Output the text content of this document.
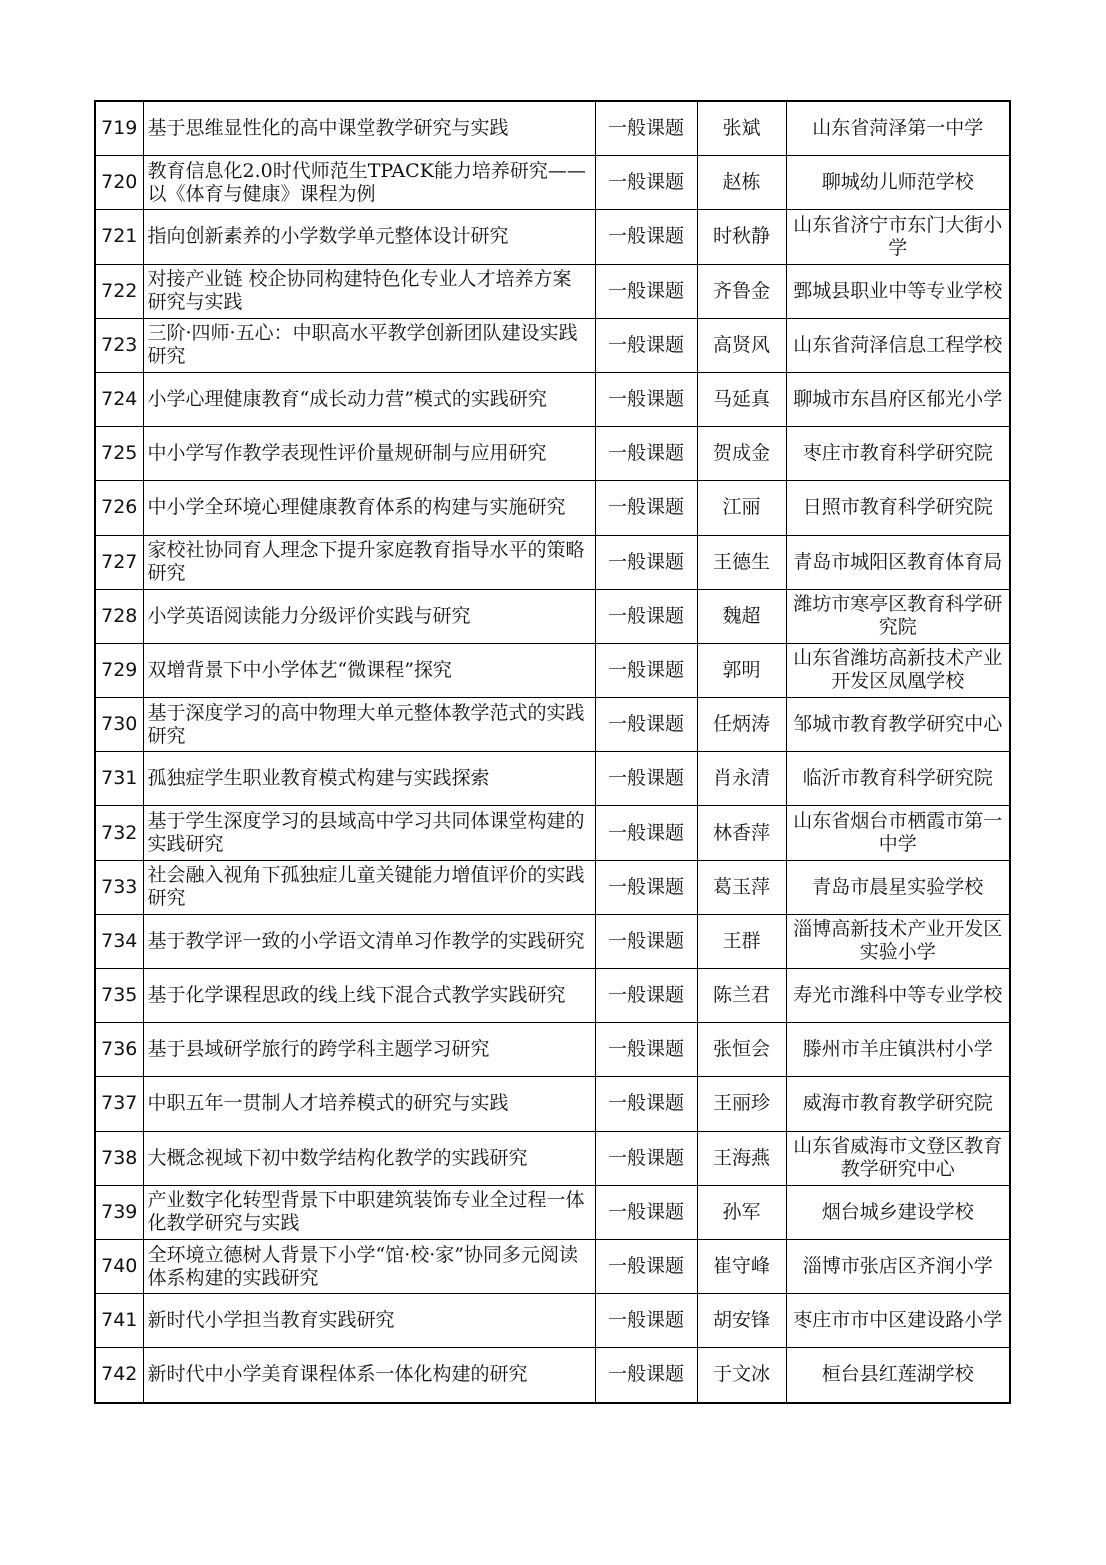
719	基于思维显性化的高中课堂教学研究与实践	一般课题	张斌	山东省菏泽第一中学
720	教育信息化2.0时代师范生TPACK能力培养研究——以《体育与健康》课程为例	一般课题	赵栋	聊城幼儿师范学校
721	指向创新素养的小学数学单元整体设计研究	一般课题	时秋静	山东省济宁市东门大街小学
722	对接产业链 校企协同构建特色化专业人才培养方案研究与实践	一般课题	齐鲁金	鄄城县职业中等专业学校
723	三阶·四师·五心：中职高水平教学创新团队建设实践研究	一般课题	高贤风	山东省菏泽信息工程学校
724	小学心理健康教育“成长动力营”模式的实践研究	一般课题	马延真	聊城市东昌府区郁光小学
725	中小学写作教学表现性评价量规研制与应用研究	一般课题	贺成金	枣庄市教育科学研究院
726	中小学全环境心理健康教育体系的构建与实施研究	一般课题	江丽	日照市教育科学研究院
727	家校社协同育人理念下提升家庭教育指导水平的策略研究	一般课题	王德生	青岛市城阳区教育体育局
728	小学英语阅读能力分级评价实践与研究	一般课题	魏超	潍坊市寒亭区教育科学研究院
729	双增背景下中小学体艺“微课程”探究	一般课题	郭明	山东省潍坊高新技术产业开发区凤凰学校
730	基于深度学习的高中物理大单元整体教学范式的实践研究	一般课题	任炳涛	邹城市教育教学研究中心
731	孤独症学生职业教育模式构建与实践探索	一般课题	肖永清	临沂市教育科学研究院
732	基于学生深度学习的县域高中学习共同体课堂构建的实践研究	一般课题	林香萍	山东省烟台市栖霞市第一中学
733	社会融入视角下孤独症儿童关键能力增值评价的实践研究	一般课题	葛玉萍	青岛市晨星实验学校
734	基于教学评一致的小学语文清单习作教学的实践研究	一般课题	王群	淄博高新技术产业开发区实验小学
735	基于化学课程思政的线上线下混合式教学实践研究	一般课题	陈兰君	寿光市潍科中等专业学校
736	基于县域研学旅行的跨学科主题学习研究	一般课题	张恒会	滕州市羊庄镇洪村小学
737	中职五年一贯制人才培养模式的研究与实践	一般课题	王丽珍	威海市教育教学研究院
738	大概念视域下初中数学结构化教学的实践研究	一般课题	王海燕	山东省威海市文登区教育教学研究中心
739	产业数字化转型背景下中职建筑装饰专业全过程一体化教学研究与实践	一般课题	孙军	烟台城乡建设学校
740	全环境立德树人背景下小学“馆·校·家”协同多元阅读体系构建的实践研究	一般课题	崔守峰	淄博市张店区齐润小学
741	新时代小学担当教育实践研究	一般课题	胡安锋	枣庄市市中区建设路小学
742	新时代中小学美育课程体系一体化构建的研究	一般课题	于文冰	桓台县红莲湖学校
